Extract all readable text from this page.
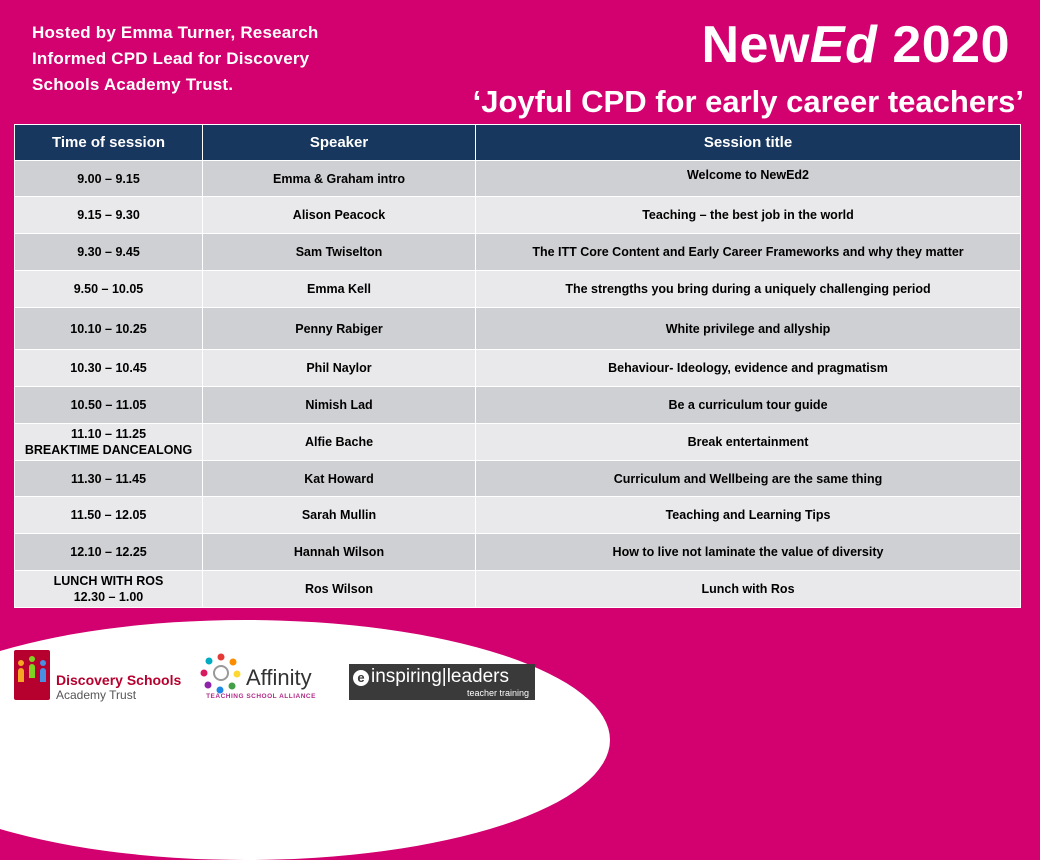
Hosted by Emma Turner, Research
Informed CPD Lead for Discovery
Schools Academy Trust.
NewEd 2020
‘Joyful CPD for early career teachers’
Time of session	Speaker	Session title

9.00 – 9.15	Emma & Graham intro	Welcome to NewEd2

9.15 – 9.30	Alison Peacock	Teaching – the best job in the world

9.30 – 9.45	Sam Twiselton	The ITT Core Content and Early Career Frameworks and why they matter

9.50 – 10.05	Emma Kell	The strengths you bring during a uniquely challenging period

10.10 – 10.25	Penny Rabiger	White privilege and allyship

10.30 – 10.45	Phil Naylor	Behaviour- Ideology, evidence and pragmatism

10.50 – 11.05	Nimish Lad	Be a curriculum tour guide

11.10 – 11.25
BREAKTIME DANCEALONG	Alfie Bache	Break entertainment

11.30 – 11.45	Kat Howard	Curriculum and Wellbeing are the same thing

11.50 – 12.05	Sarah Mullin	Teaching and Learning Tips

12.10 – 12.25	Hannah Wilson	How to live not laminate the value of diversity

LUNCH WITH ROS
12.30 – 1.00	Ros Wilson	Lunch with Ros
Discovery Schools
Academy Trust
Affinity
TEACHING SCHOOL ALLIANCE
e inspiring|leaders
teacher training
